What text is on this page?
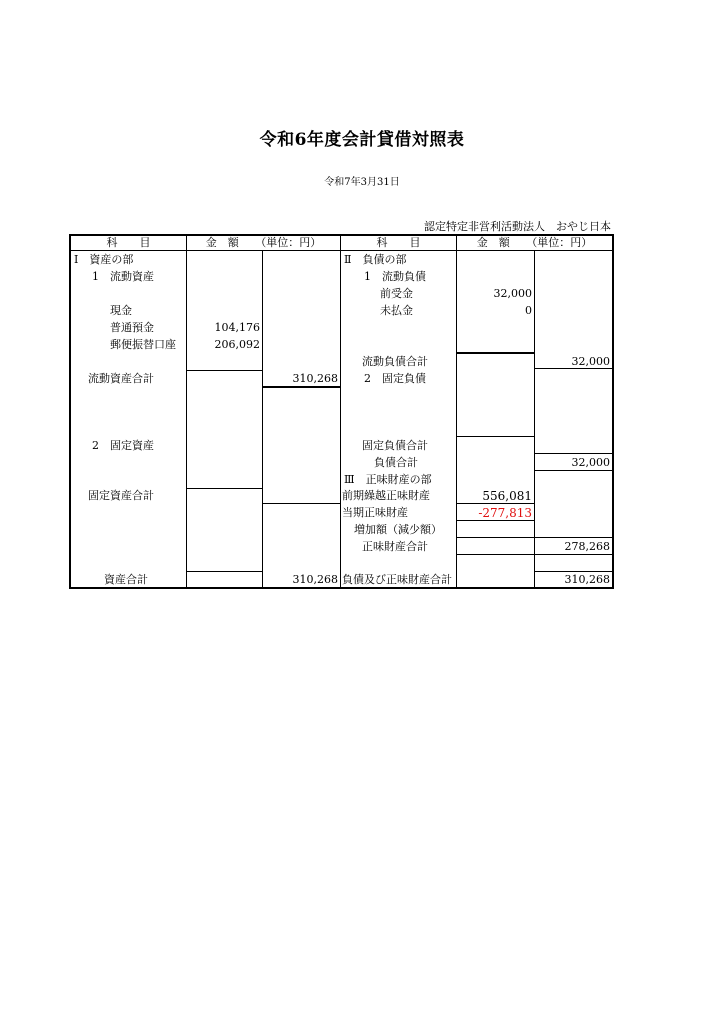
令和6年度会計貸借対照表
令和7年3月31日
認定特定非営利活動法人　おやじ日本
科　　目	金　額　　（単位：円）	科　　目	金　額　　（単位：円）
Ⅰ　資産の部
1　流動資産
現金
普通預金	104,176
郵便振替口座	206,092
流動資産合計	310,268
2　固定資産
固定資産合計
資産合計	310,268
Ⅱ　負債の部
1　流動負債
前受金	32,000
未払金	0
流動負債合計	32,000
2　固定負債
固定負債合計
負債合計	32,000
Ⅲ　正味財産の部
前期繰越正味財産	556,081
当期正味財産	-277,813
増加額（減少額）
正味財産合計	278,268
負債及び正味財産合計	310,268
